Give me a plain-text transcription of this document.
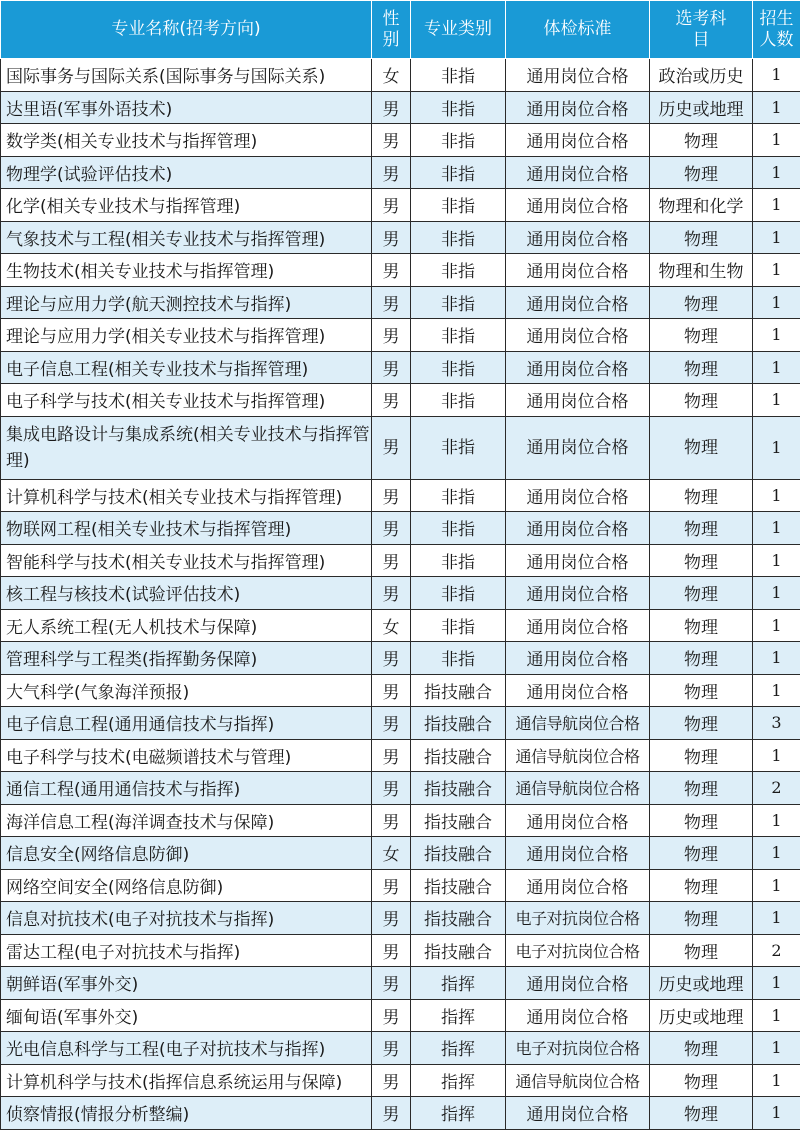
专业名称(招考方向)	性别	专业类别	体检标准	选考科目	招生人数
国际事务与国际关系(国际事务与国际关系)	女	非指	通用岗位合格	政治或历史	1
达里语(军事外语技术)	男	非指	通用岗位合格	历史或地理	1
数学类(相关专业技术与指挥管理)	男	非指	通用岗位合格	物理	1
物理学(试验评估技术)	男	非指	通用岗位合格	物理	1
化学(相关专业技术与指挥管理)	男	非指	通用岗位合格	物理和化学	1
气象技术与工程(相关专业技术与指挥管理)	男	非指	通用岗位合格	物理	1
生物技术(相关专业技术与指挥管理)	男	非指	通用岗位合格	物理和生物	1
理论与应用力学(航天测控技术与指挥)	男	非指	通用岗位合格	物理	1
理论与应用力学(相关专业技术与指挥管理)	男	非指	通用岗位合格	物理	1
电子信息工程(相关专业技术与指挥管理)	男	非指	通用岗位合格	物理	1
电子科学与技术(相关专业技术与指挥管理)	男	非指	通用岗位合格	物理	1
集成电路设计与集成系统(相关专业技术与指挥管理)	男	非指	通用岗位合格	物理	1
计算机科学与技术(相关专业技术与指挥管理)	男	非指	通用岗位合格	物理	1
物联网工程(相关专业技术与指挥管理)	男	非指	通用岗位合格	物理	1
智能科学与技术(相关专业技术与指挥管理)	男	非指	通用岗位合格	物理	1
核工程与核技术(试验评估技术)	男	非指	通用岗位合格	物理	1
无人系统工程(无人机技术与保障)	女	非指	通用岗位合格	物理	1
管理科学与工程类(指挥勤务保障)	男	非指	通用岗位合格	物理	1
大气科学(气象海洋预报)	男	指技融合	通用岗位合格	物理	1
电子信息工程(通用通信技术与指挥)	男	指技融合	通信导航岗位合格	物理	3
电子科学与技术(电磁频谱技术与管理)	男	指技融合	通信导航岗位合格	物理	1
通信工程(通用通信技术与指挥)	男	指技融合	通信导航岗位合格	物理	2
海洋信息工程(海洋调查技术与保障)	男	指技融合	通用岗位合格	物理	1
信息安全(网络信息防御)	女	指技融合	通用岗位合格	物理	1
网络空间安全(网络信息防御)	男	指技融合	通用岗位合格	物理	1
信息对抗技术(电子对抗技术与指挥)	男	指技融合	电子对抗岗位合格	物理	1
雷达工程(电子对抗技术与指挥)	男	指技融合	电子对抗岗位合格	物理	2
朝鲜语(军事外交)	男	指挥	通用岗位合格	历史或地理	1
缅甸语(军事外交)	男	指挥	通用岗位合格	历史或地理	1
光电信息科学与工程(电子对抗技术与指挥)	男	指挥	电子对抗岗位合格	物理	1
计算机科学与技术(指挥信息系统运用与保障)	男	指挥	通信导航岗位合格	物理	1
侦察情报(情报分析整编)	男	指挥	通用岗位合格	物理	1
